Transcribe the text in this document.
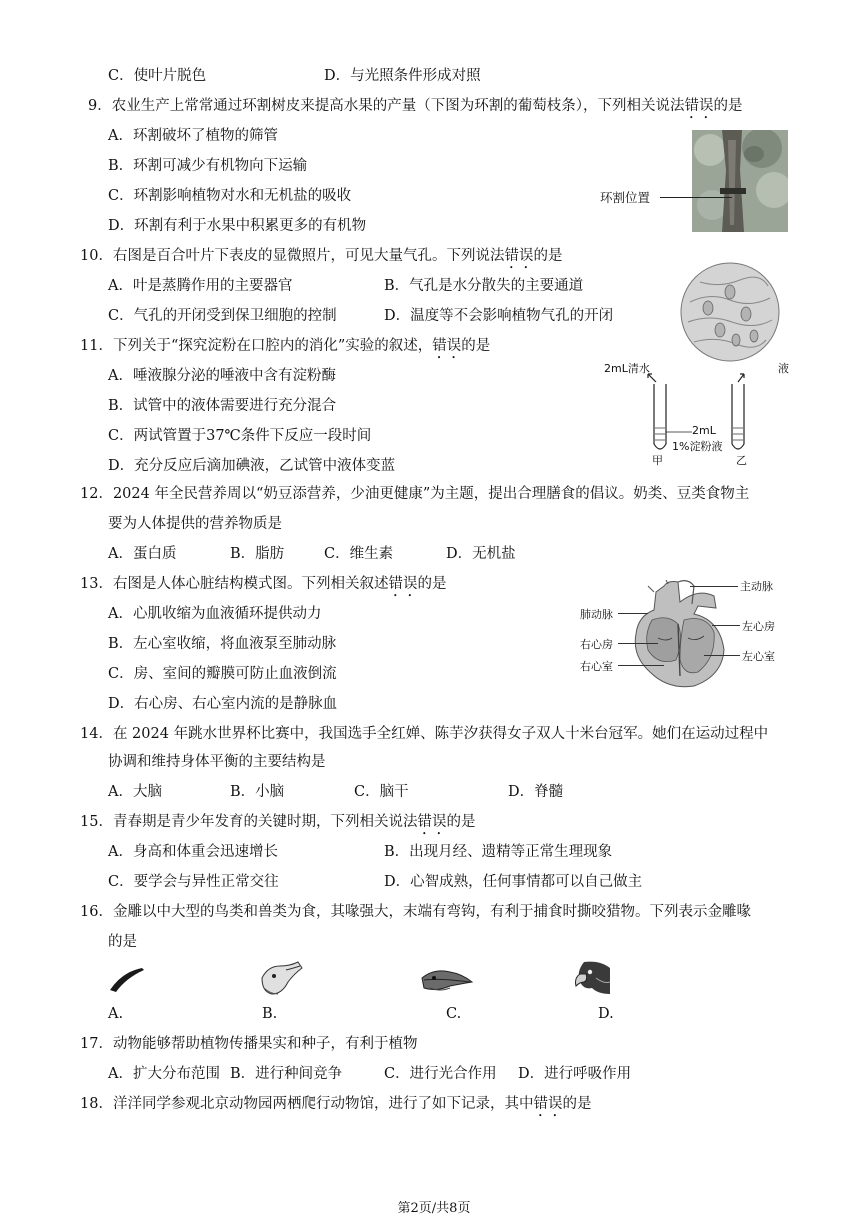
C．使叶片脱色	D．与光照条件形成对照
9．农业生产上常常通过环割树皮来提高水果的产量（下图为环割的葡萄枝条），下列相关说法错误的是
A．环割破坏了植物的筛管
B．环割可减少有机物向下运输
C．环割影响植物对水和无机盐的吸收
D．环割有利于水果中积累更多的有机物
环割位置
10．右图是百合叶片下表皮的显微照片，可见大量气孔。下列说法错误的是
A．叶是蒸腾作用的主要器官	B．气孔是水分散失的主要通道
C．气孔的开闭受到保卫细胞的控制	D．温度等不会影响植物气孔的开闭
11．下列关于“探究淀粉在口腔内的消化”实验的叙述，错误的是
A．唾液腺分泌的唾液中含有淀粉酶
B．试管中的液体需要进行充分混合
C．两试管置于37℃条件下反应一段时间
D．充分反应后滴加碘液，乙试管中液体变蓝
2mL清水	液
2mL
1%淀粉液
甲	乙
12．2024 年全民营养周以“奶豆添营养，少油更健康”为主题，提出合理膳食的倡议。奶类、豆类食物主
要为人体提供的营养物质是
A．蛋白质	B．脂肪	C．维生素	D．无机盐
13．右图是人体心脏结构模式图。下列相关叙述错误的是
A．心肌收缩为血液循环提供动力
B．左心室收缩，将血液泵至肺动脉
C．房、室间的瓣膜可防止血液倒流
D．右心房、右心室内流的是静脉血
主动脉
肺动脉
左心房
右心房
左心室
右心室
14．在 2024 年跳水世界杯比赛中，我国选手全红婵、陈芋汐获得女子双人十米台冠军。她们在运动过程中
协调和维持身体平衡的主要结构是
A．大脑	B．小脑	C．脑干	D．脊髓
15．青春期是青少年发育的关键时期，下列相关说法错误的是
A．身高和体重会迅速增长	B．出现月经、遗精等正常生理现象
C．要学会与异性正常交往	D．心智成熟，任何事情都可以自己做主
16．金雕以中大型的鸟类和兽类为食，其喙强大，末端有弯钩，有利于捕食时撕咬猎物。下列表示金雕喙
的是
A.	B.	C.	D.
17．动物能够帮助植物传播果实和种子，有利于植物
A．扩大分布范围 B．进行种间竞争	C．进行光合作用 D．进行呼吸作用
18．洋洋同学参观北京动物园两栖爬行动物馆，进行了如下记录，其中错误的是
第2页/共8页
